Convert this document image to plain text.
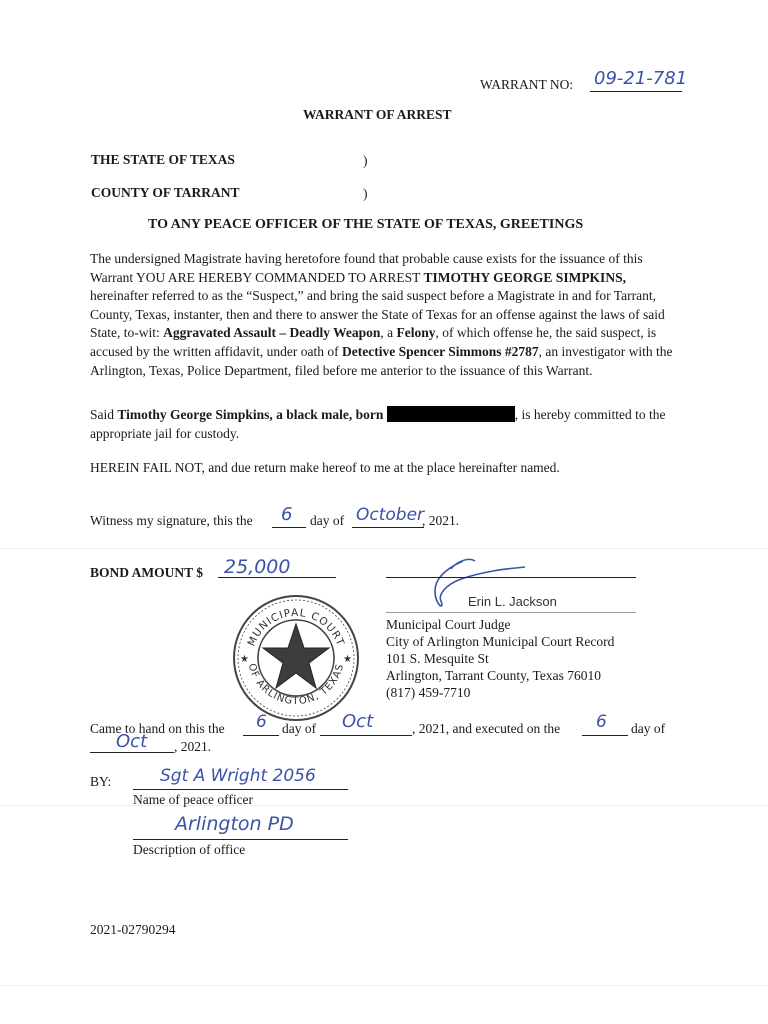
WARRANT NO: 09-21-781
WARRANT OF ARREST
THE STATE OF TEXAS	)
COUNTY OF TARRANT	)
TO ANY PEACE OFFICER OF THE STATE OF TEXAS, GREETINGS
The undersigned Magistrate having heretofore found that probable cause exists for the issuance of this Warrant YOU ARE HEREBY COMMANDED TO ARREST TIMOTHY GEORGE SIMPKINS, hereinafter referred to as the “Suspect,” and bring the said suspect before a Magistrate in and for Tarrant, County, Texas, instanter, then and there to answer the State of Texas for an offense against the laws of said State, to-wit: Aggravated Assault – Deadly Weapon, a Felony, of which offense he, the said suspect, is accused by the written affidavit, under oath of Detective Spencer Simmons #2787, an investigator with the Arlington, Texas, Police Department, filed before me anterior to the issuance of this Warrant.
Said Timothy George Simpkins, a black male, born	, is hereby committed to the appropriate jail for custody.
HEREIN FAIL NOT, and due return make hereof to me at the place hereinafter named.
Witness my signature, this the 6 day of October
, 2021.
BOND AMOUNT $ 25,000
Erin L. Jackson
Municipal Court Judge
City of Arlington Municipal Court Record
101 S. Mesquite St
Arlington, Tarrant County, Texas 76010
(817) 459-7710
MUNICIPAL COURT
OF ARLINGTON, TEXAS
★	★
Came to hand on this the 6 day of Oct	, 2021, and executed on the 6 day of
Oct , 2021.
BY:	Sgt A Wright 2056
Name of peace officer
Arlington PD
Description of office
2021-02790294
